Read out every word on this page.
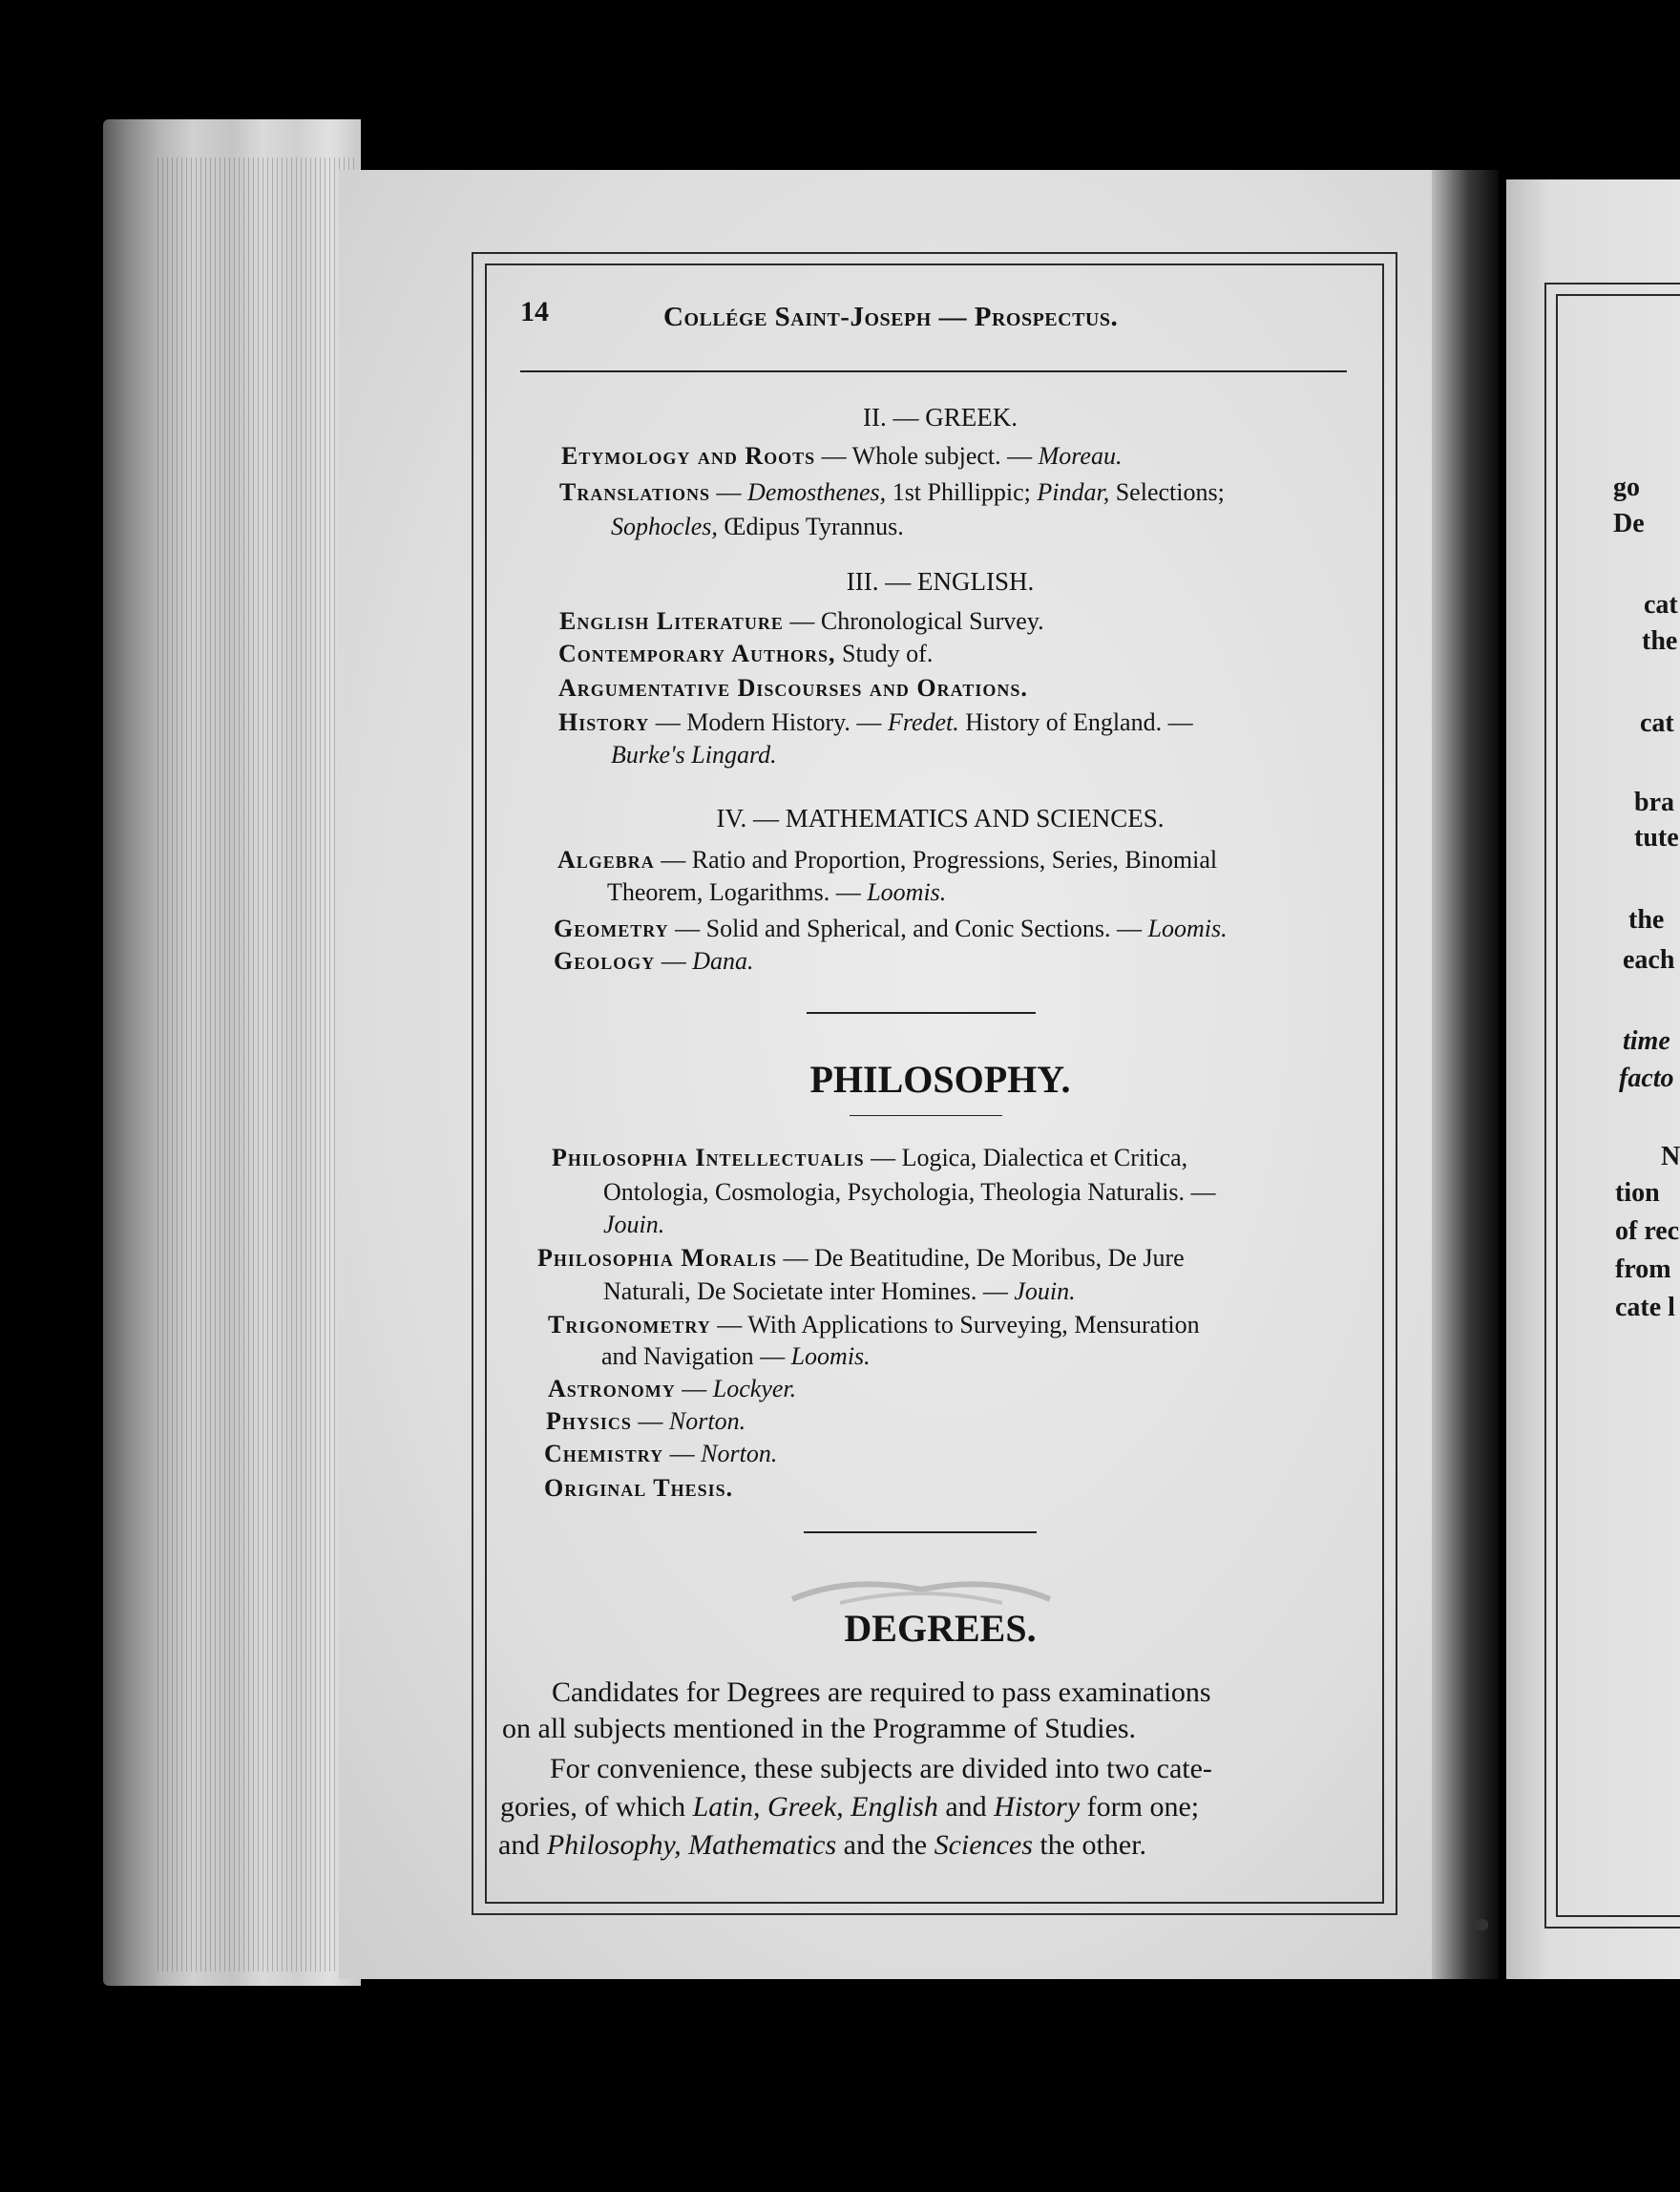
14	Collége Saint-Joseph — Prospectus.
II. — GREEK.
Etymology and Roots — Whole subject. — Moreau.
Translations — Demosthenes, 1st Phillippic; Pindar, Selections;
Sophocles, Œdipus Tyrannus.
III. — ENGLISH.
English Literature — Chronological Survey.
Contemporary Authors, Study of.
Argumentative Discourses and Orations.
History — Modern History. — Fredet. History of England. —
Burke's Lingard.
IV. — MATHEMATICS AND SCIENCES.
Algebra — Ratio and Proportion, Progressions, Series, Binomial
Theorem, Logarithms. — Loomis.
Geometry — Solid and Spherical, and Conic Sections. — Loomis.
Geology — Dana.
PHILOSOPHY.
Philosophia Intellectualis — Logica, Dialectica et Critica,
Ontologia, Cosmologia, Psychologia, Theologia Naturalis. —
Jouin.
Philosophia Moralis — De Beatitudine, De Moribus, De Jure
Naturali, De Societate inter Homines. — Jouin.
Trigonometry — With Applications to Surveying, Mensuration
and Navigation — Loomis.
Astronomy — Lockyer.
Physics — Norton.
Chemistry — Norton.
Original Thesis.
DEGREES.
Candidates for Degrees are required to pass examinations
on all subjects mentioned in the Programme of Studies.
For convenience, these subjects are divided into two cate-
gories, of which Latin, Greek, English and History form one;
and Philosophy, Mathematics and the Sciences the other.
go
De
cat
the
cat
bra
tute
the
each
time
facto
N
tion
of rec
from
cate l
